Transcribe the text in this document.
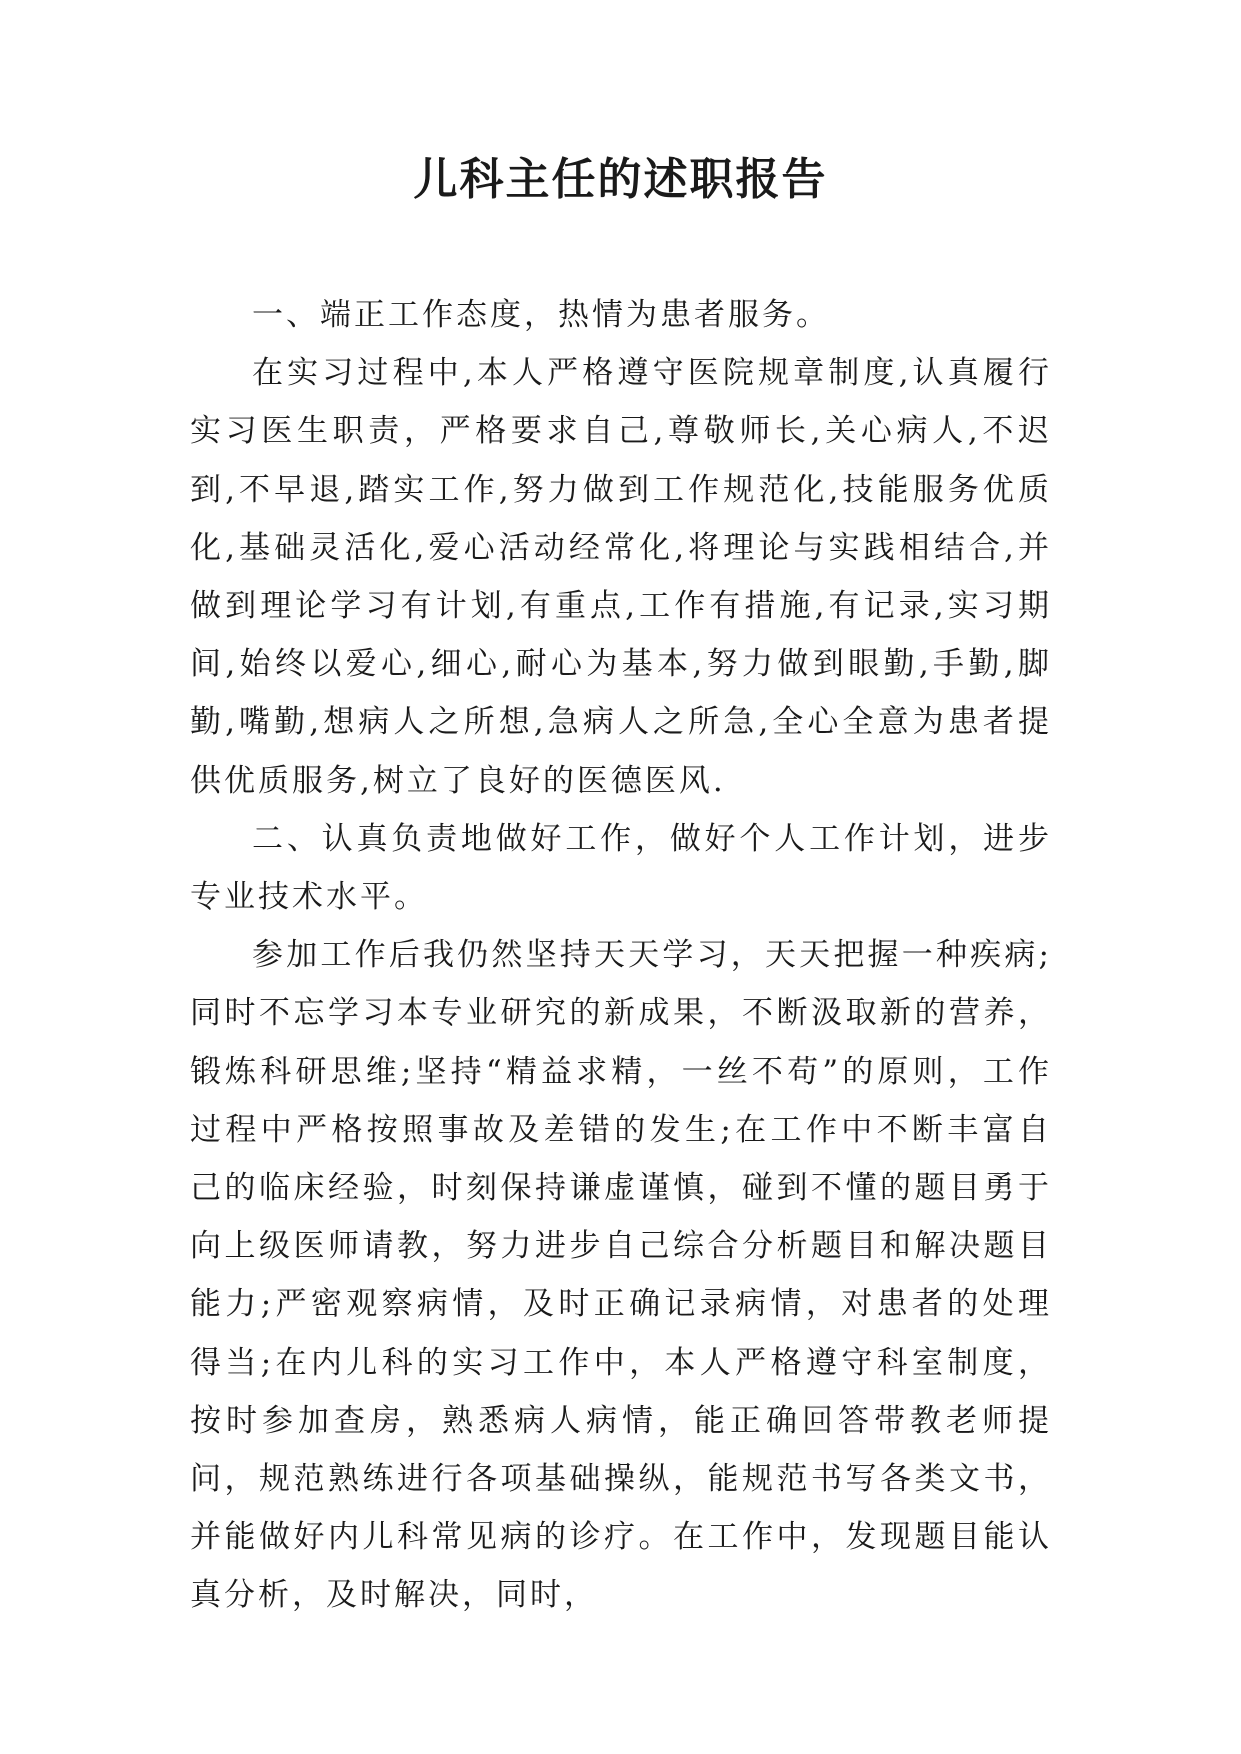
儿科主任的述职报告

一、端正工作态度，热情为患者服务。

在实习过程中,本人严格遵守医院规章制度,认真履行实习医生职责，严格要求自己,尊敬师长,关心病人,不迟到,不早退,踏实工作,努力做到工作规范化,技能服务优质化,基础灵活化,爱心活动经常化,将理论与实践相结合,并做到理论学习有计划,有重点,工作有措施,有记录,实习期间,始终以爱心,细心,耐心为基本,努力做到眼勤,手勤,脚勤,嘴勤,想病人之所想,急病人之所急,全心全意为患者提供优质服务,树立了良好的医德医风.

二、认真负责地做好工作，做好个人工作计划，进步专业技术水平。

参加工作后我仍然坚持天天学习，天天把握一种疾病;同时不忘学习本专业研究的新成果，不断汲取新的营养，锻炼科研思维;坚持“精益求精，一丝不苟”的原则，工作过程中严格按照事故及差错的发生;在工作中不断丰富自己的临床经验，时刻保持谦虚谨慎，碰到不懂的题目勇于向上级医师请教，努力进步自己综合分析题目和解决题目能力;严密观察病情，及时正确记录病情，对患者的处理得当;在内儿科的实习工作中，本人严格遵守科室制度，按时参加查房，熟悉病人病情，能正确回答带教老师提问，规范熟练进行各项基础操纵，能规范书写各类文书，并能做好内儿科常见病的诊疗。在工作中，发现题目能认真分析，及时解决，同时，
